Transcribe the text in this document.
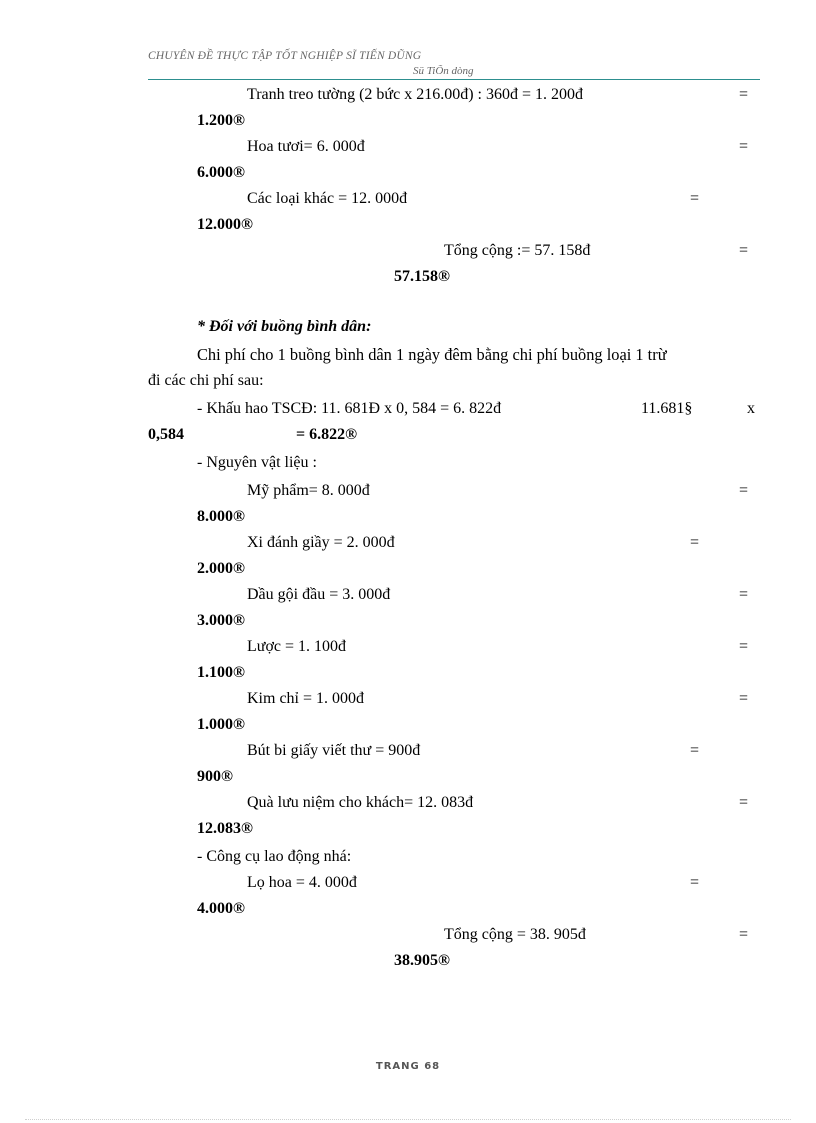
CHUYÊN ĐỀ THỰC TẬP TỐT NGHIỆP SĨ TIẾN DŨNG
Sü TiÕn dòng
Tranh treo tường (2 bức x 216.00đ) : 360đ = 1. 200đ	=
1.200®
Hoa tươi= 6. 000đ	=
6.000®
Các loại khác = 12. 000đ	=
12.000®
Tổng cộng := 57. 158đ	=
57.158®
* Đối với buồng bình dân:
Chi phí cho 1 buồng bình dân 1 ngày đêm bằng chi phí buồng loại 1 trừ
đi các chi phí sau:
- Khấu hao TSCĐ: 11. 681Đ x 0, 584 = 6. 822đ	11.681§	x
0,584	= 6.822®
- Nguyên vật liệu :
Mỹ phẩm= 8. 000đ	=
8.000®
Xi đánh giầy = 2. 000đ	=
2.000®
Dầu gội đầu = 3. 000đ	=
3.000®
Lược = 1. 100đ	=
1.100®
Kim chỉ = 1. 000đ	=
1.000®
Bút bi giấy viết thư = 900đ	=
900®
Quà lưu niệm cho khách= 12. 083đ	=
12.083®
- Công cụ lao động nhá:
Lọ hoa = 4. 000đ	=
4.000®
Tổng cộng = 38. 905đ	=
38.905®
TRANG 68
